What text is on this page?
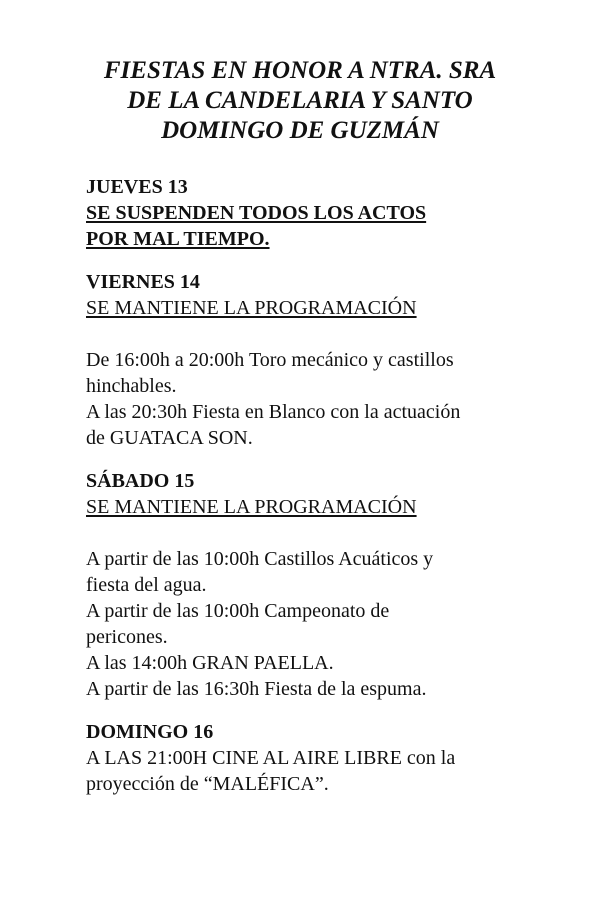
FIESTAS EN HONOR A NTRA. SRA
DE LA CANDELARIA Y SANTO
DOMINGO DE GUZMÁN

JUEVES 13

SE SUSPENDEN TODOS LOS ACTOS
POR MAL TIEMPO.

VIERNES 14

SE MANTIENE LA PROGRAMACIÓN

De 16:00h a 20:00h Toro mecánico y castillos
hinchables.

A las 20:30h Fiesta en Blanco con la actuación
de GUATACA SON.

SÁBADO 15

SE MANTIENE LA PROGRAMACIÓN

A partir de las 10:00h Castillos Acuáticos y
fiesta del agua.

A partir de las 10:00h Campeonato de
pericones.

A las 14:00h GRAN PAELLA.

A partir de las 16:30h Fiesta de la espuma.

DOMINGO 16

A LAS 21:00H CINE AL AIRE LIBRE con la
proyección de “MALÉFICA”.
